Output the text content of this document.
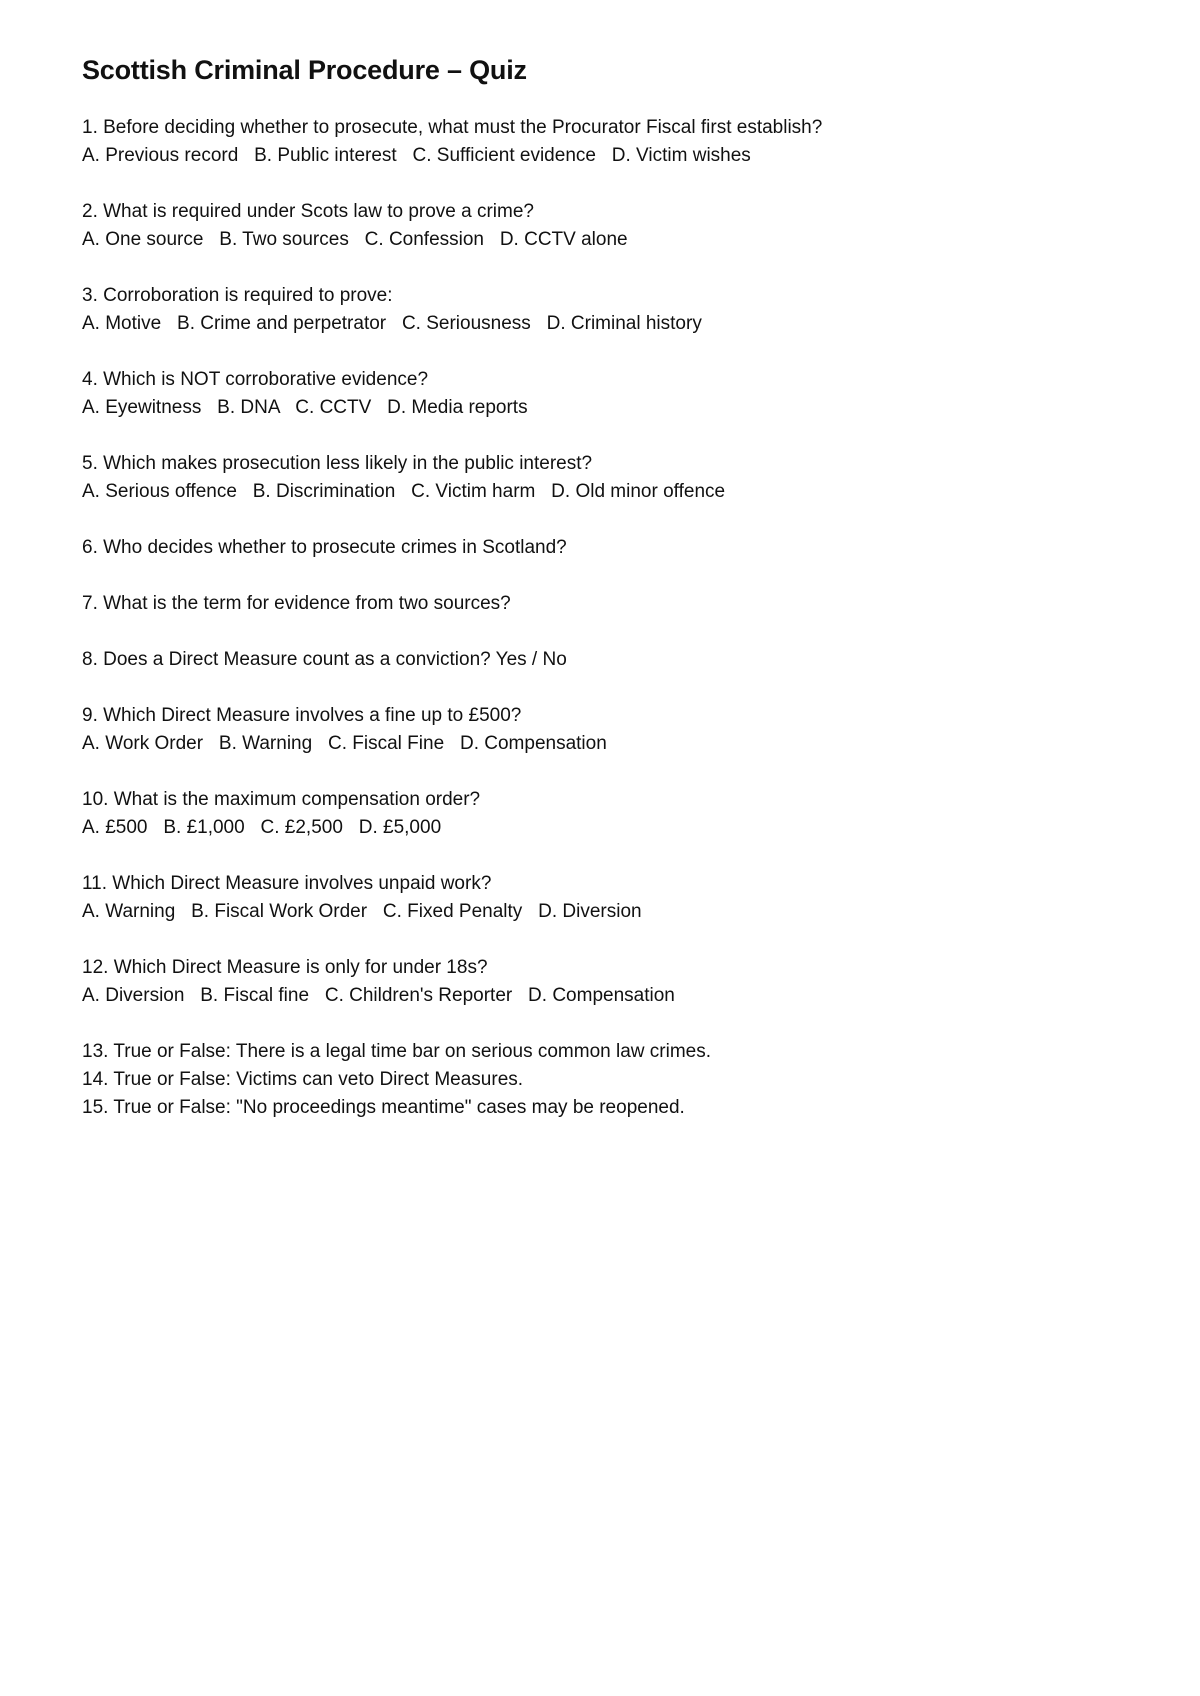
Scottish Criminal Procedure – Quiz

1. Before deciding whether to prosecute, what must the Procurator Fiscal first establish?

A. Previous record   B. Public interest   C. Sufficient evidence   D. Victim wishes

2. What is required under Scots law to prove a crime?

A. One source   B. Two sources   C. Confession   D. CCTV alone

3. Corroboration is required to prove:

A. Motive   B. Crime and perpetrator   C. Seriousness   D. Criminal history

4. Which is NOT corroborative evidence?

A. Eyewitness   B. DNA   C. CCTV   D. Media reports

5. Which makes prosecution less likely in the public interest?

A. Serious offence   B. Discrimination   C. Victim harm   D. Old minor offence

6. Who decides whether to prosecute crimes in Scotland?

7. What is the term for evidence from two sources?

8. Does a Direct Measure count as a conviction? Yes / No

9. Which Direct Measure involves a fine up to £500?

A. Work Order   B. Warning   C. Fiscal Fine   D. Compensation

10. What is the maximum compensation order?

A. £500   B. £1,000   C. £2,500   D. £5,000

11. Which Direct Measure involves unpaid work?

A. Warning   B. Fiscal Work Order   C. Fixed Penalty   D. Diversion

12. Which Direct Measure is only for under 18s?

A. Diversion   B. Fiscal fine   C. Children's Reporter   D. Compensation

13. True or False: There is a legal time bar on serious common law crimes.

14. True or False: Victims can veto Direct Measures.

15. True or False: "No proceedings meantime" cases may be reopened.
